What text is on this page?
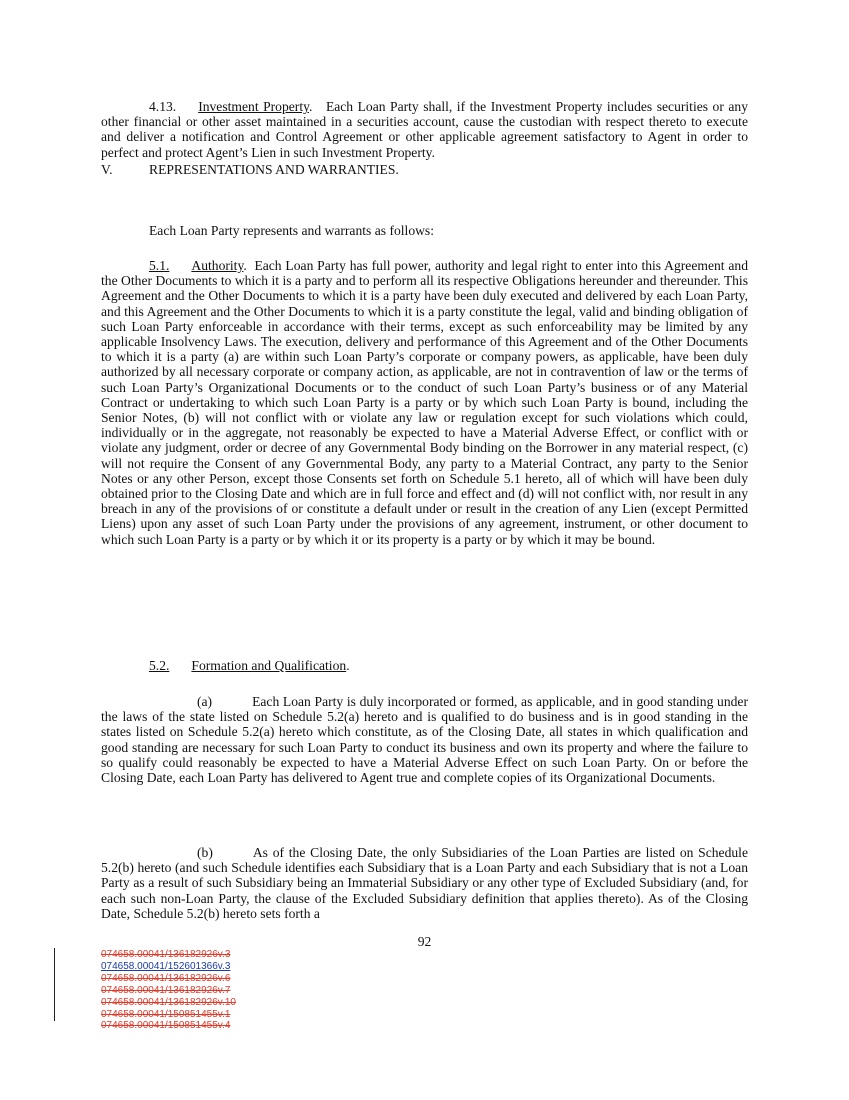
4.13. Investment Property. Each Loan Party shall, if the Investment Property includes securities or any other financial or other asset maintained in a securities account, cause the custodian with respect thereto to execute and deliver a notification and Control Agreement or other applicable agreement satisfactory to Agent in order to perfect and protect Agent’s Lien in such Investment Property.

V.	REPRESENTATIONS AND WARRANTIES.

Each Loan Party represents and warrants as follows:

5.1. Authority. Each Loan Party has full power, authority and legal right to enter into this Agreement and the Other Documents to which it is a party and to perform all its respective Obligations hereunder and thereunder. This Agreement and the Other Documents to which it is a party have been duly executed and delivered by each Loan Party, and this Agreement and the Other Documents to which it is a party constitute the legal, valid and binding obligation of such Loan Party enforceable in accordance with their terms, except as such enforceability may be limited by any applicable Insolvency Laws. The execution, delivery and performance of this Agreement and of the Other Documents to which it is a party (a) are within such Loan Party’s corporate or company powers, as applicable, have been duly authorized by all necessary corporate or company action, as applicable, are not in contravention of law or the terms of such Loan Party’s Organizational Documents or to the conduct of such Loan Party’s business or of any Material Contract or undertaking to which such Loan Party is a party or by which such Loan Party is bound, including the Senior Notes, (b) will not conflict with or violate any law or regulation except for such violations which could, individually or in the aggregate, not reasonably be expected to have a Material Adverse Effect, or conflict with or violate any judgment, order or decree of any Governmental Body binding on the Borrower in any material respect, (c) will not require the Consent of any Governmental Body, any party to a Material Contract, any party to the Senior Notes or any other Person, except those Consents set forth on Schedule 5.1 hereto, all of which will have been duly obtained prior to the Closing Date and which are in full force and effect and (d) will not conflict with, nor result in any breach in any of the provisions of or constitute a default under or result in the creation of any Lien (except Permitted Liens) upon any asset of such Loan Party under the provisions of any agreement, instrument, or other document to which such Loan Party is a party or by which it or its property is a party or by which it may be bound.

5.2. Formation and Qualification.

(a)	Each Loan Party is duly incorporated or formed, as applicable, and in good standing under the laws of the state listed on Schedule 5.2(a) hereto and is qualified to do business and is in good standing in the states listed on Schedule 5.2(a) hereto which constitute, as of the Closing Date, all states in which qualification and good standing are necessary for such Loan Party to conduct its business and own its property and where the failure to so qualify could reasonably be expected to have a Material Adverse Effect on such Loan Party. On or before the Closing Date, each Loan Party has delivered to Agent true and complete copies of its Organizational Documents.

(b)	As of the Closing Date, the only Subsidiaries of the Loan Parties are listed on Schedule 5.2(b) hereto (and such Schedule identifies each Subsidiary that is a Loan Party and each Subsidiary that is not a Loan Party as a result of such Subsidiary being an Immaterial Subsidiary or any other type of Excluded Subsidiary (and, for each such non-Loan Party, the clause of the Excluded Subsidiary definition that applies thereto). As of the Closing Date, Schedule 5.2(b) hereto sets forth a

92
074658.00041/136182926v.3
074658.00041/152601366v.3
074658.00041/136182926v.6
074658.00041/136182926v.7
074658.00041/136182926v.10
074658.00041/150851455v.1
074658.00041/150851455v.4
